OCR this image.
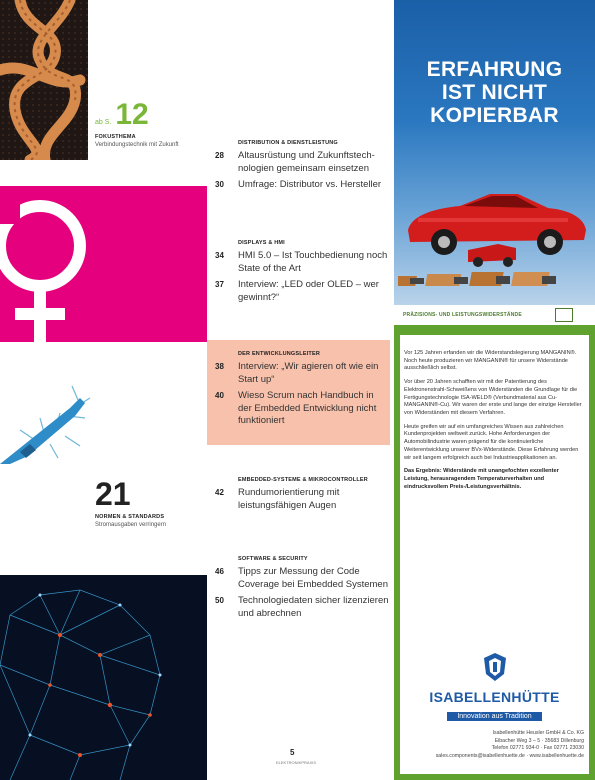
ab S. 12
FOKUSTHEMA
Verbindungstechnik mit Zukunft
21
NORMEN & STANDARDS
Stromausgaben verringern
DISTRIBUTION & DIENSTLEISTUNG
28	Altausrüstung und Zukunftstechnologien gemeinsam einsetzen
30	Umfrage: Distributor vs. Hersteller
DISPLAYS & HMI
34	HMI 5.0 – Ist Touchbedienung noch State of the Art
37	Interview: „LED oder OLED – wer gewinnt?“
DER ENTWICKLUNGSLEITER
38	Interview: „Wir agieren oft wie ein Start up“
40	Wieso Scrum nach Handbuch in der Embedded Entwicklung nicht funktioniert
EMBEDDED-SYSTEME & MIKROCONTROLLER
42	Rundumorientierung mit leistungsfähigen Augen
SOFTWARE & SECURITY
46	Tipps zur Messung der Code Coverage bei Embedded Systemen
50	Technologiedaten sicher lizenzieren und abrechnen
5
ELEKTRONIKPRAXIS
ERFAHRUNG
IST NICHT
KOPIERBAR
PRÄZISIONS- UND LEISTUNGSWIDERSTÄNDE

Vor 125 Jahren erfanden wir die Widerstandslegierung MANGANIN®. Noch heute produzieren wir MANGANIN® für unsere Widerstände ausschließlich selbst.

Vor über 20 Jahren schafften wir mit der Patentierung des Elektronenstrahl-Schweißens von Widerständen die Grundlage für die Fertigungstechnologie ISA-WELD® (Verbundmaterial aus Cu-MANGANIN®-Cu). Wir waren der erste und lange der einzige Hersteller von Widerständen mit diesem Verfahren.

Heute greifen wir auf ein umfangreiches Wissen aus zahlreichen Kundenprojekten weltweit zurück. Hohe Anforderungen der Automobilindustrie waren prägend für die kontinuierliche Weiterentwicklung unserer BVx-Widerstände. Diese Erfahrung werden wir seit langem erfolgreich auch bei Industrieapplikationen an.

Das Ergebnis: Widerstände mit unangefochten exzellenter Leistung, herausragendem Temperaturverhalten und eindrucksvollem Preis-/Leistungsverhältnis.

ISABELLENHÜTTE
Innovation aus Tradition
Isabellenhütte Heusler GmbH & Co. KG
Eibacher Weg 3 – 5 · 35683 Dillenburg
Telefon 02771 934-0 · Fax 02771 23030
sales.components@isabellenhuette.de · www.isabellenhuette.de
